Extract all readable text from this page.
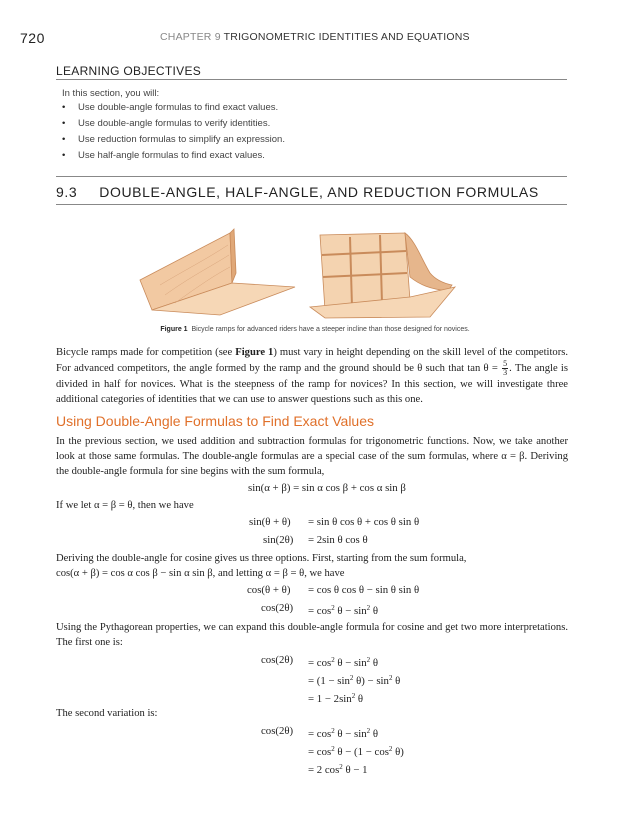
720	CHAPTER 9 TRIGONOMETRIC IDENTITIES AND EQUATIONS
LEARNING OBJECTIVES
In this section, you will:
• Use double-angle formulas to find exact values.
• Use double-angle formulas to verify identities.
• Use reduction formulas to simplify an expression.
• Use half-angle formulas to find exact values.
9.3 DOUBLE-ANGLE, HALF-ANGLE, AND REDUCTION FORMULAS
Figure 1 Bicycle ramps for advanced riders have a steeper incline than those designed for novices.
Bicycle ramps made for competition (see Figure 1) must vary in height depending on the skill level of the competitors. For advanced competitors, the angle formed by the ramp and the ground should be θ such that $\tan \theta = \frac{5}{3}$ . The angle is divided in half for novices. What is the steepness of the ramp for novices? In this section, we will investigate three additional categories of identities that we can use to answer questions such as this one.
Using Double-Angle Formulas to Find Exact Values
In the previous section, we used addition and subtraction formulas for trigonometric functions. Now, we take another look at those same formulas. The double-angle formulas are a special case of the sum formulas, where α = β. Deriving the double-angle formula for sine begins with the sum formula,
sin(α + β) = sin α cos β + cos α sin β
If we let α = β = θ, then we have
sin(θ + θ) = sin θ cos θ + cos θ sin θ
sin(2θ) = 2sin θ cos θ
Deriving the double-angle for cosine gives us three options. First, starting from the sum formula,
cos(α + β) = cos α cos β − sin α sin β, and letting α = β = θ, we have
cos(θ + θ) = cos θ cos θ − sin θ sin θ
$\cos(2\theta) = \cos^2 \theta - \sin^2 \theta$
Using the Pythagorean properties, we can expand this double-angle formula for cosine and get two more interpretations. The first one is:
$\cos(2\theta) = \cos^2 \theta - \sin^2 \theta$
= $(1 - \sin^2 \theta) - \sin^2 \theta$
= $1 - 2\sin^2$ θ
The second variation is:
$\cos(2\theta) = \cos^2 \theta - \sin^2 \theta$
= $\cos^2 \theta - (1 - \cos^2 \theta)$
= 2 $\cos^2 \theta - 1$
